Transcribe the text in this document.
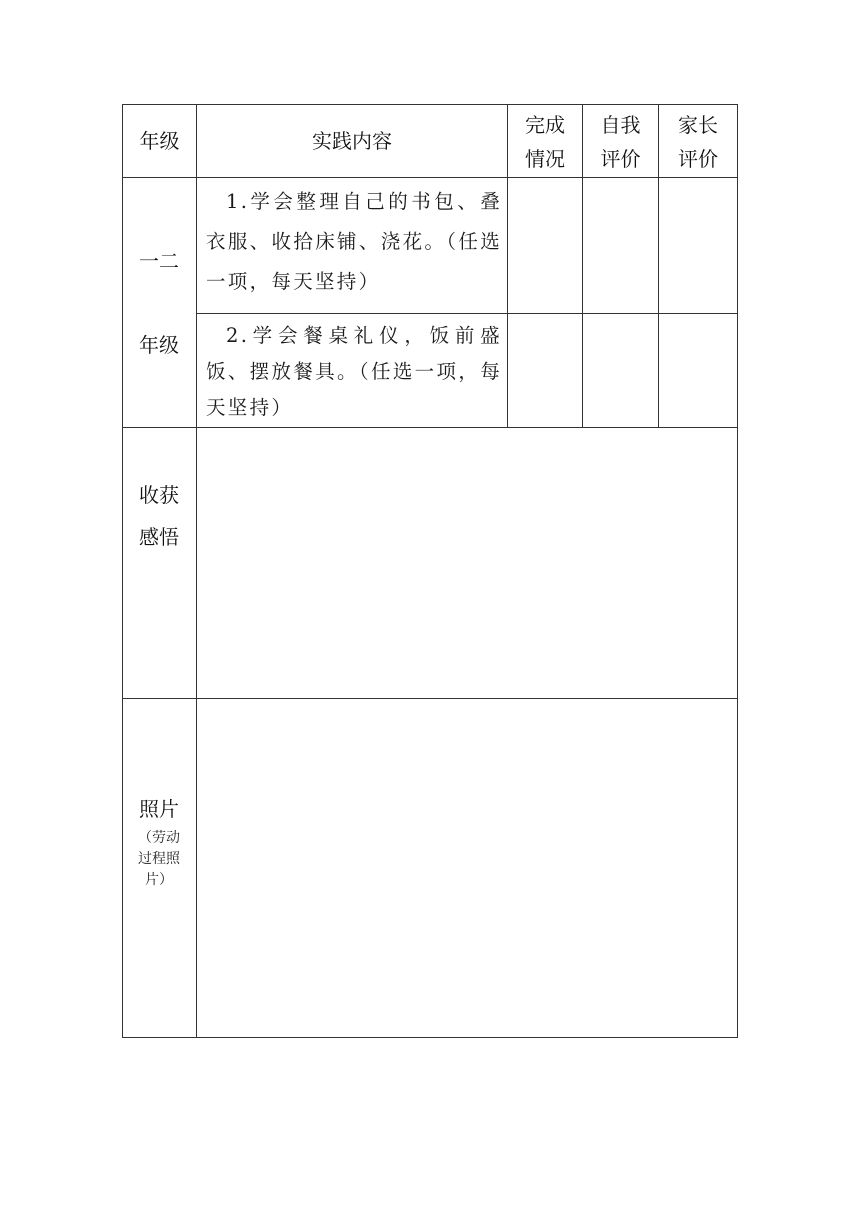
年级	实践内容
完成
情况
自我
评价
家长
评价
一二
年级
1.学会整理自己的书包、叠衣服、收拾床铺、浇花。（任选一项，每天坚持）
2.学会餐桌礼仪，饭前盛饭、摆放餐具。（任选一项，每天坚持）
收获
感悟
照片
（劳动
过程照
片）
